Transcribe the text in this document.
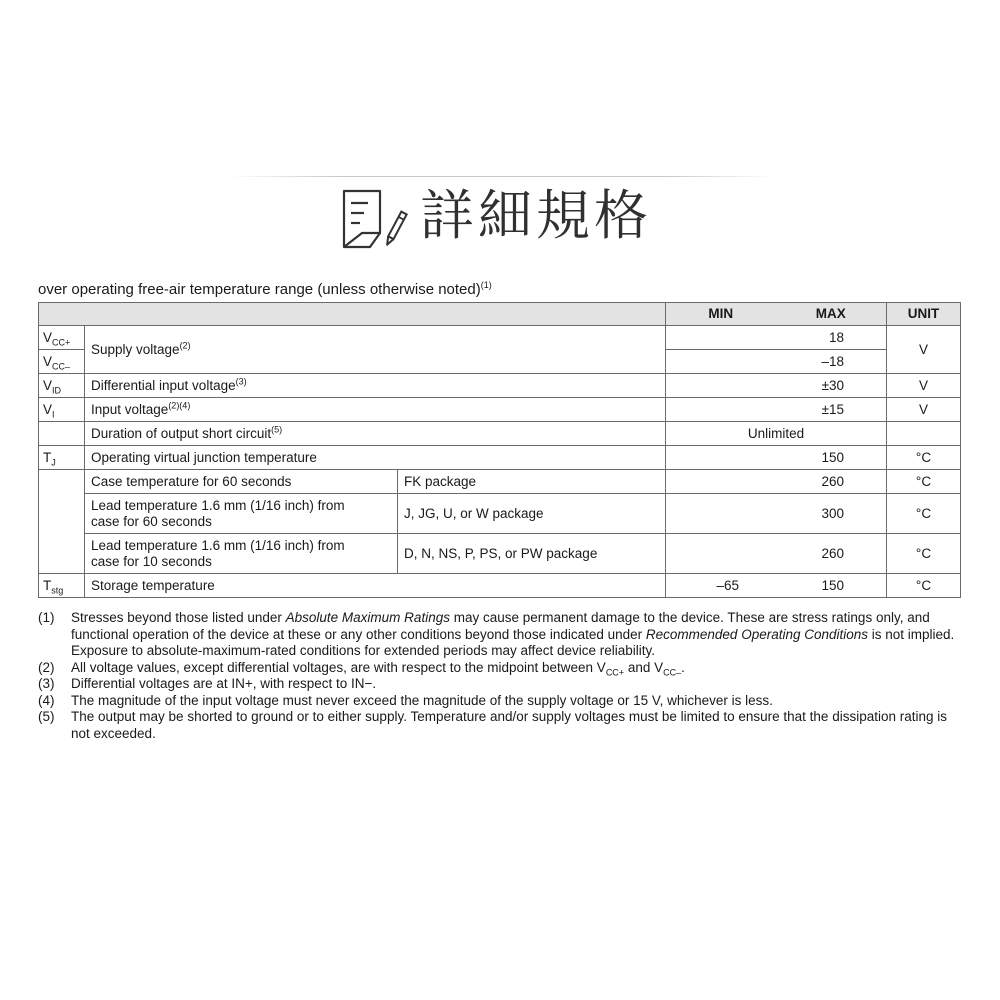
詳細規格
over operating free-air temperature range (unless otherwise noted)$^{(1)}$
			MIN	MAX	UNIT
$V_{CC+}$	Supply voltage$^{(2)}$			18	V
$V_{CC-}$				–18	
$V_{ID}$	Differential input voltage$^{(3)}$			±30	V
$V_I$	Input voltage$^{(2)(4)}$			±15	V
	Duration of output short circuit$^{(5)}$		Unlimited		
$T_J$	Operating virtual junction temperature			150	°C
	Case temperature for 60 seconds	FK package		260	°C
	Lead temperature 1.6 mm (1/16 inch) from
case for 60 seconds	J, JG, U, or W package		300	°C
	Lead temperature 1.6 mm (1/16 inch) from
case for 10 seconds	D, N, NS, P, PS, or PW package		260	°C
$T_{stg}$	Storage temperature		–65	150	°C
(1)	Stresses beyond those listed under Absolute Maximum Ratings may cause permanent damage to the device. These are stress ratings only, and functional operation of the device at these or any other conditions beyond those indicated under Recommended Operating Conditions is not implied. Exposure to absolute-maximum-rated conditions for extended periods may affect device reliability.
(2)	All voltage values, except differential voltages, are with respect to the midpoint between $V_{CC+}$ and $V_{CC-}$.
(3)	Differential voltages are at IN+, with respect to IN−.
(4)	The magnitude of the input voltage must never exceed the magnitude of the supply voltage or 15 V, whichever is less.
(5)	The output may be shorted to ground or to either supply. Temperature and/or supply voltages must be limited to ensure that the dissipation rating is not exceeded.
